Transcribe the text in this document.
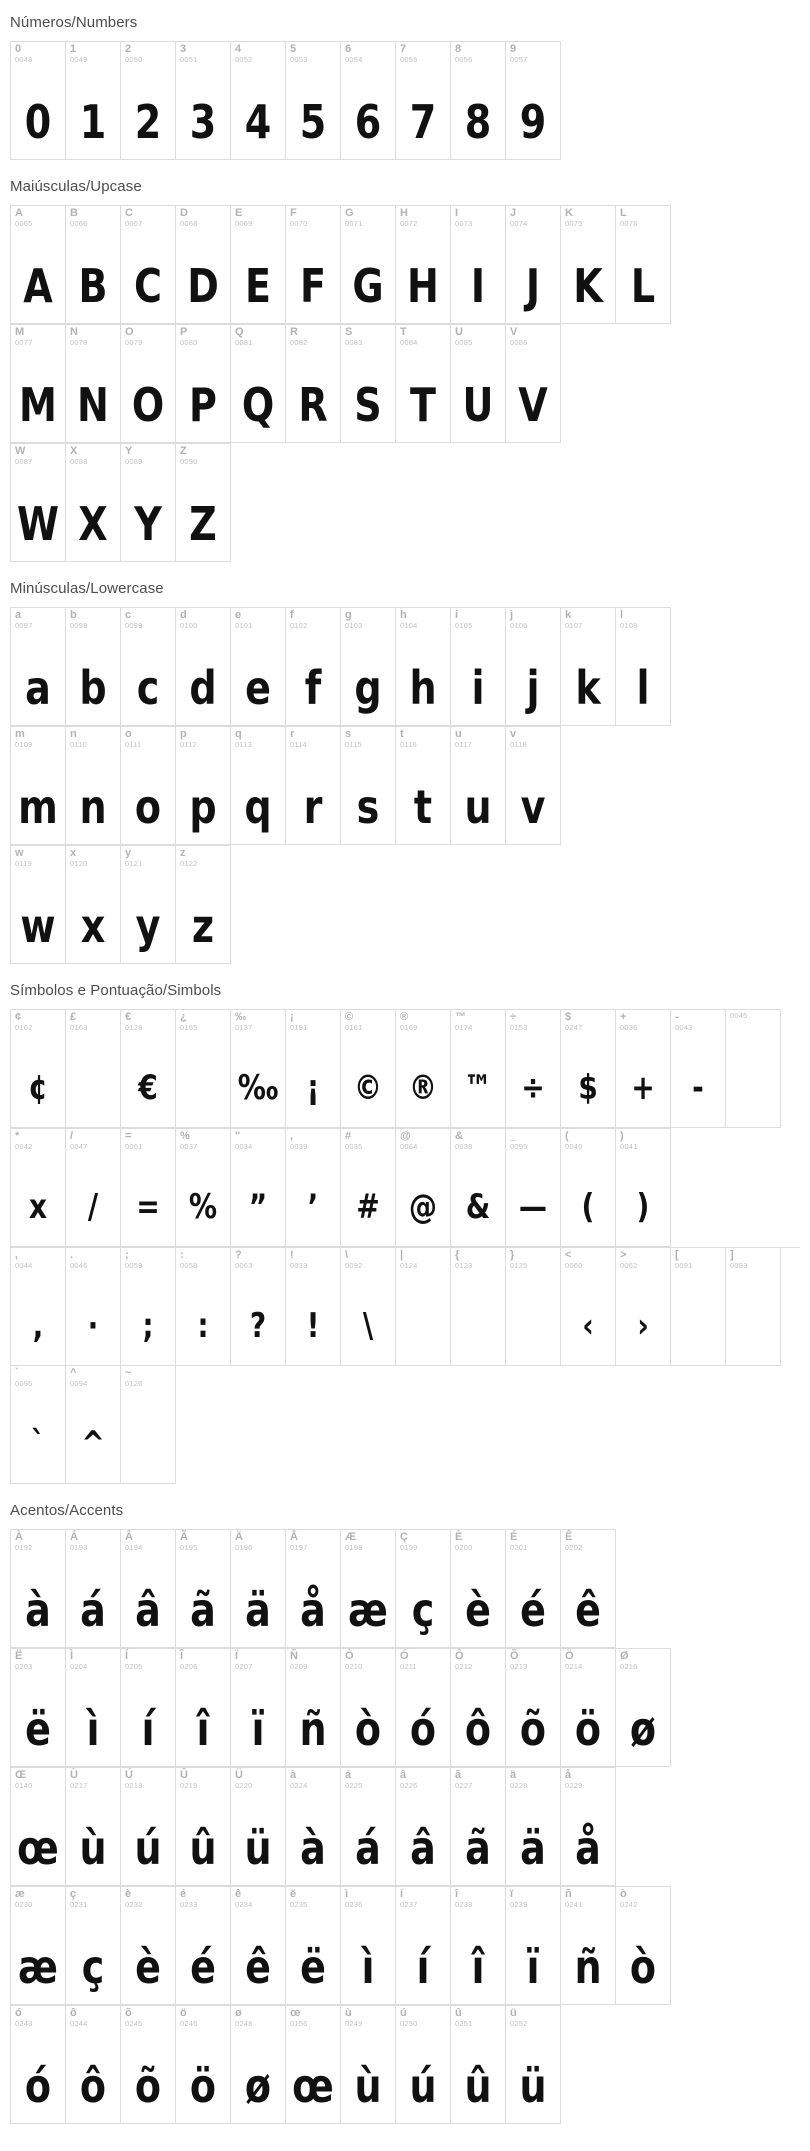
Números/Numbers
0
0048
0
1
0049
1
2
0050
2
3
0051
3
4
0052
4
5
0053
5
6
0054
6
7
0055
7
8
0056
8
9
0057
9
Maiúsculas/Upcase
A
0065
A
B
0066
B
C
0067
C
D
0068
D
E
0069
E
F
0070
F
G
0071
G
H
0072
H
I
0073
I
J
0074
J
K
0075
K
L
0076
L
M
0077
M
N
0078
N
O
0079
O
P
0080
P
Q
0081
Q
R
0082
R
S
0083
S
T
0084
T
U
0085
U
V
0086
V
W
0087
W
X
0088
X
Y
0089
Y
Z
0090
Z
Minúsculas/Lowercase
a
0097
a
b
0098
b
c
0099
c
d
0100
d
e
0101
e
f
0102
f
g
0103
g
h
0104
h
i
0105
i
j
0106
j
k
0107
k
l
0108
l
m
0109
m
n
0110
n
o
0111
o
p
0112
p
q
0113
q
r
0114
r
s
0115
s
t
0116
t
u
0117
u
v
0118
v
w
0119
w
x
0120
x
y
0121
y
z
0122
z
Símbolos e Pontuação/Simbols
¢
0162
¢
£
0163
€
0128
€
¿
0165
‰
0137
‰
¡
0191
¡
©
0161
©
®
0169
®
™
0174
™
÷
0153
÷
$
0247
$
+
0036
+
-
0043
-
0045
*
0042
x
/
0047
/
=
0061
=
%
0037
%
"
0034
”
,
0039
’
#
0035
#
@
0064
@
&
0038
&
_
0095
—
(
0040
(
)
0041
)
,
0044
,
.
0046
·
;
0059
;
:
0058
:
?
0063
?
!
0033
!
\
0092
\
|
0124
{
0123
}
0125
<
0060
‹
>
0062
›
[
0091
]
0093
`
0096
`
^
0094
^
~
0126
Acentos/Accents
À
0192
à
Á
0193
á
Â
0194
â
Ã
0195
ã
Ä
0196
ä
Å
0197
å
Æ
0198
æ
Ç
0199
ç
È
0200
è
É
0201
é
Ê
0202
ê
Ë
0203
ë
Ì
0204
ì
Í
0205
í
Î
0206
î
Ï
0207
ï
Ñ
0209
ñ
Ò
0210
ò
Ó
0211
ó
Ô
0212
ô
Õ
0213
õ
Ö
0214
ö
Ø
0216
ø
Œ
0140
œ
Ù
0217
ù
Ú
0218
ú
Û
0219
û
Ü
0220
ü
à
0224
à
á
0225
á
â
0226
â
ã
0227
ã
ä
0228
ä
å
0229
å
æ
0230
æ
ç
0231
ç
è
0232
è
é
0233
é
ê
0234
ê
ë
0235
ë
ì
0236
ì
í
0237
í
î
0238
î
ï
0239
ï
ñ
0241
ñ
ò
0242
ò
ó
0243
ó
ô
0244
ô
õ
0245
õ
ö
0246
ö
ø
0248
ø
œ
0156
œ
ù
0249
ù
ú
0250
ú
û
0251
û
ü
0252
ü
